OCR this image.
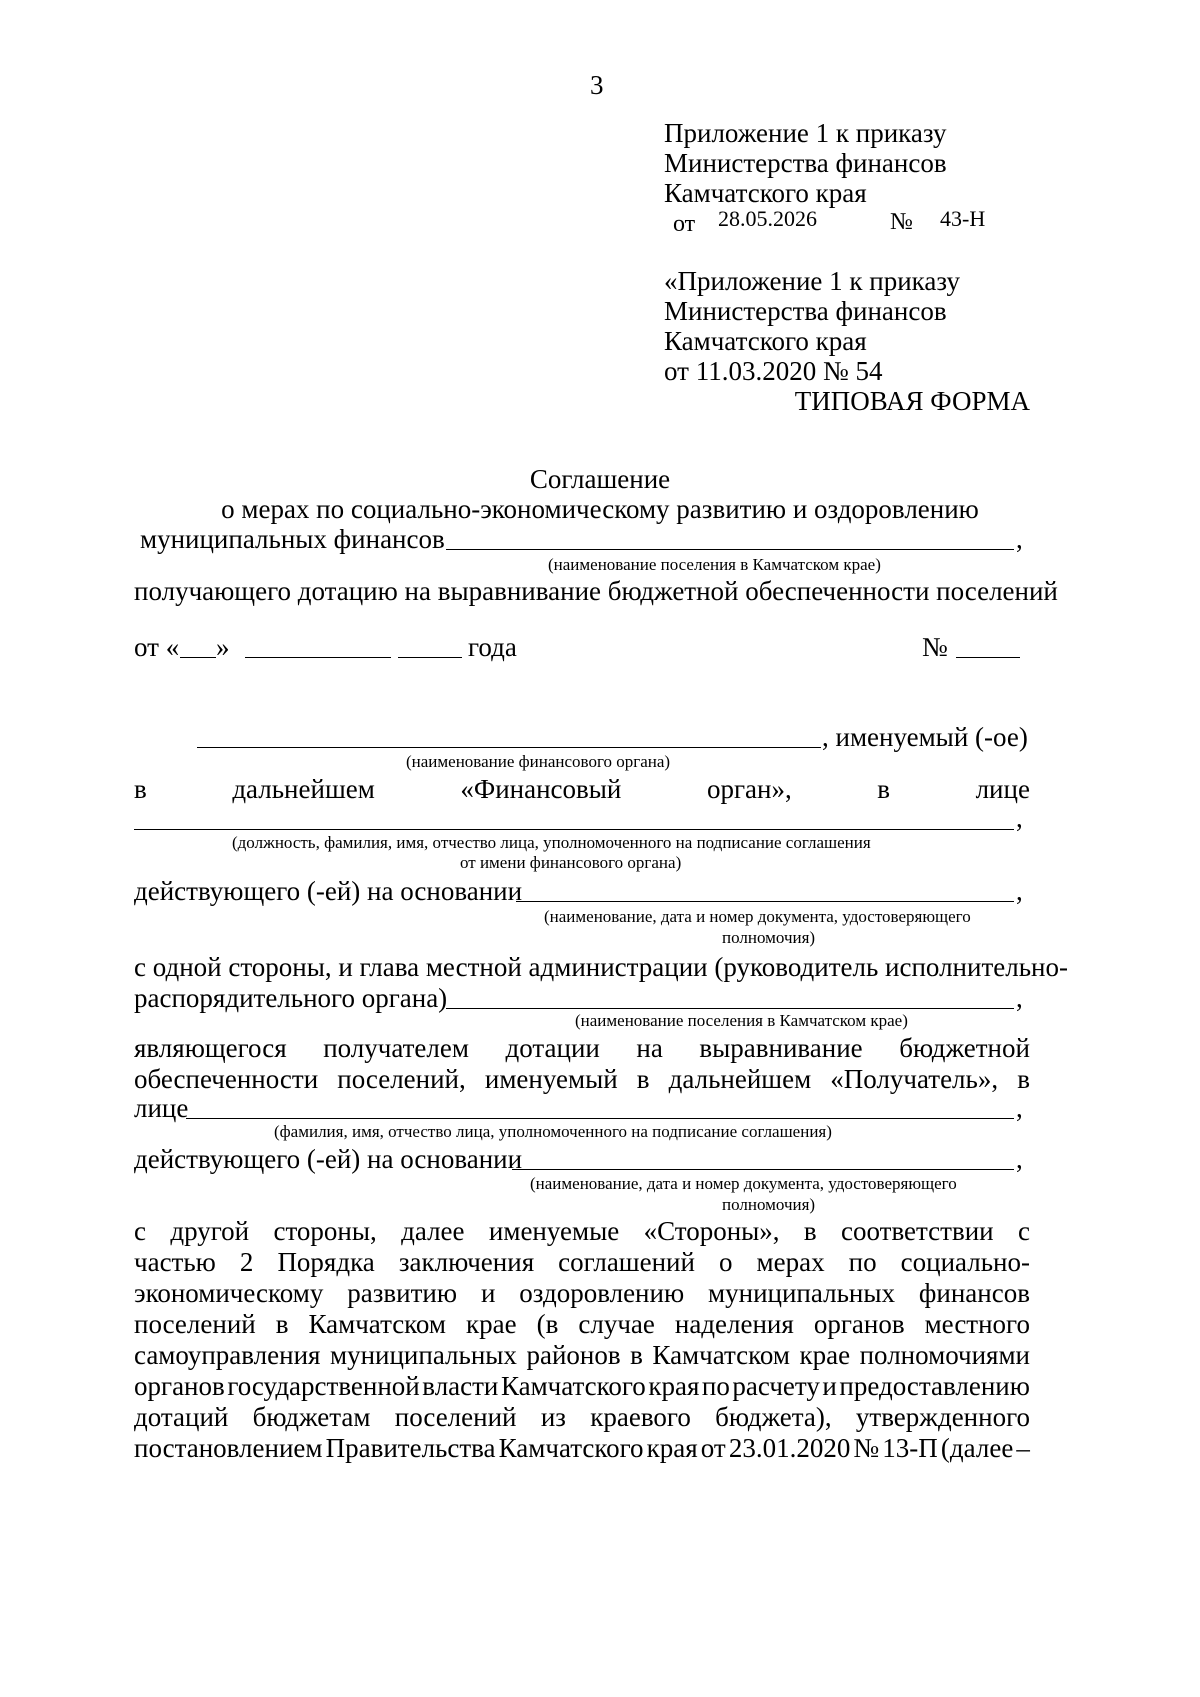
3
Приложение 1 к приказу
Министерства финансов
Камчатского края
от 28.05.2026	№ 43-Н
«Приложение 1 к приказу
Министерства финансов
Камчатского края
от 11.03.2020 № 54
ТИПОВАЯ ФОРМА
Соглашение
о мерах по социально-экономическому развитию и оздоровлению
муниципальных финансов	,
(наименование поселения в Камчатском крае)
получающего дотацию на выравнивание бюджетной обеспеченности поселений
от « »	года	№
, именуемый (-ое)
(наименование финансового органа)
в	дальнейшем	«Финансовый	орган»,	в	лице
,
(должность, фамилия, имя, отчество лица, уполномоченного на подписание соглашения
от имени финансового органа)
действующего (-ей) на основании	,
(наименование, дата и номер документа, удостоверяющего
полномочия)
с одной стороны, и глава местной администрации (руководитель исполнительно-
распорядительного органа)	,
(наименование поселения в Камчатском крае)
являющегося получателем дотации на выравнивание бюджетной
обеспеченности поселений, именуемый в дальнейшем «Получатель», в
лице	,
(фамилия, имя, отчество лица, уполномоченного на подписание соглашения)
действующего (-ей) на основании	,
(наименование, дата и номер документа, удостоверяющего
полномочия)
с другой стороны, далее именуемые «Стороны», в соответствии с
частью 2 Порядка заключения соглашений о мерах по социально-
экономическому развитию и оздоровлению муниципальных финансов
поселений в Камчатском крае (в случае наделения органов местного
самоуправления муниципальных районов в Камчатском крае полномочиями
органов государственной власти Камчатского края по расчету и предоставлению
дотаций бюджетам поселений из краевого бюджета), утвержденного
постановлением Правительства Камчатского края от 23.01.2020 № 13-П (далее –
